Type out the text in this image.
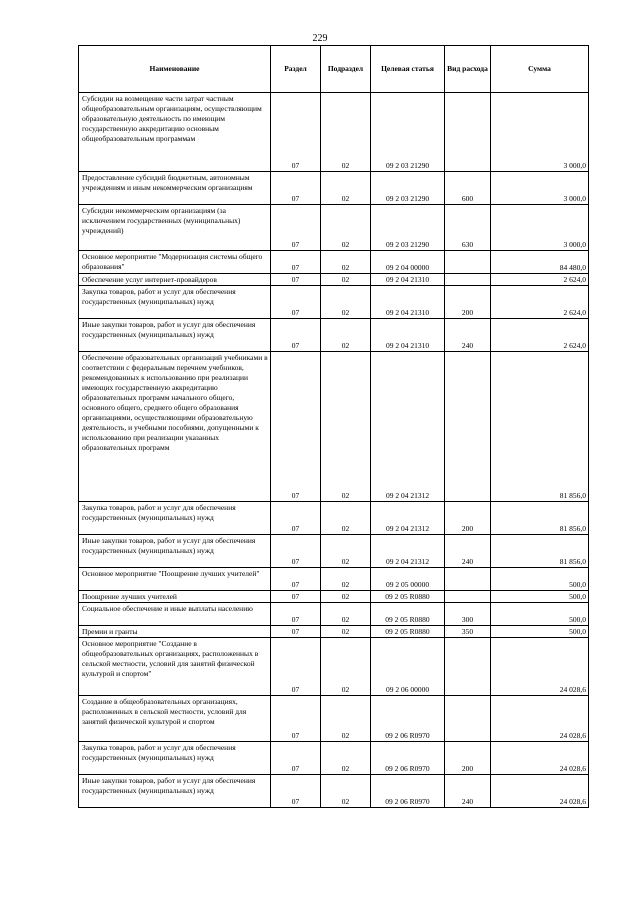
229
Наименование	Раздел	Подраздел	Целевая статья	Вид расхода	Сумма
Субсидии на возмещение части затрат частным общеобразовательным организациям, осуществляющим образовательную деятельность по имеющим государственную аккредитацию основным общеобразовательным программам	07	02	09 2 03 21290		3 000,0
Предоставление субсидий бюджетным, автономным учреждениям и иным некоммерческим организациям	07	02	09 2 03 21290	600	3 000,0
Субсидии некоммерческим организациям (за исключением государственных (муниципальных) учреждений)	07	02	09 2 03 21290	630	3 000,0
Основное мероприятие "Модернизация системы общего образования"	07	02	09 2 04 00000		84 480,0
Обеспечение услуг интернет-провайдеров	07	02	09 2 04 21310		2 624,0
Закупка товаров, работ и услуг для обеспечения государственных (муниципальных) нужд	07	02	09 2 04 21310	200	2 624,0
Иные закупки товаров, работ и услуг для обеспечения государственных (муниципальных) нужд	07	02	09 2 04 21310	240	2 624,0
Обеспечение образовательных организаций учебниками в соответствии с федеральным перечнем учебников, рекомендованных к использованию при реализации имеющих государственную аккредитацию образовательных программ начального общего, основного общего, среднего общего образования организациями, осуществляющими образовательную деятельность, и учебными пособиями, допущенными к использованию при реализации указанных образовательных программ	07	02	09 2 04 21312		81 856,0
Закупка товаров, работ и услуг для обеспечения государственных (муниципальных) нужд	07	02	09 2 04 21312	200	81 856,0
Иные закупки товаров, работ и услуг для обеспечения государственных (муниципальных) нужд	07	02	09 2 04 21312	240	81 856,0
Основное мероприятие "Поощрение лучших учителей"	07	02	09 2 05 00000		500,0
Поощрение лучших учителей	07	02	09 2 05 R0880		500,0
Социальное обеспечение и иные выплаты населению	07	02	09 2 05 R0880	300	500,0
Премии и гранты	07	02	09 2 05 R0880	350	500,0
Основное мероприятие "Создание в общеобразовательных организациях, расположенных в сельской местности, условий для занятий физической культурой и спортом"	07	02	09 2 06 00000		24 028,6
Создание в общеобразовательных организациях, расположенных в сельской местности, условий для занятий физической культурой и спортом	07	02	09 2 06 R0970		24 028,6
Закупка товаров, работ и услуг для обеспечения государственных (муниципальных) нужд	07	02	09 2 06 R0970	200	24 028,6
Иные закупки товаров, работ и услуг для обеспечения государственных (муниципальных) нужд	07	02	09 2 06 R0970	240	24 028,6
